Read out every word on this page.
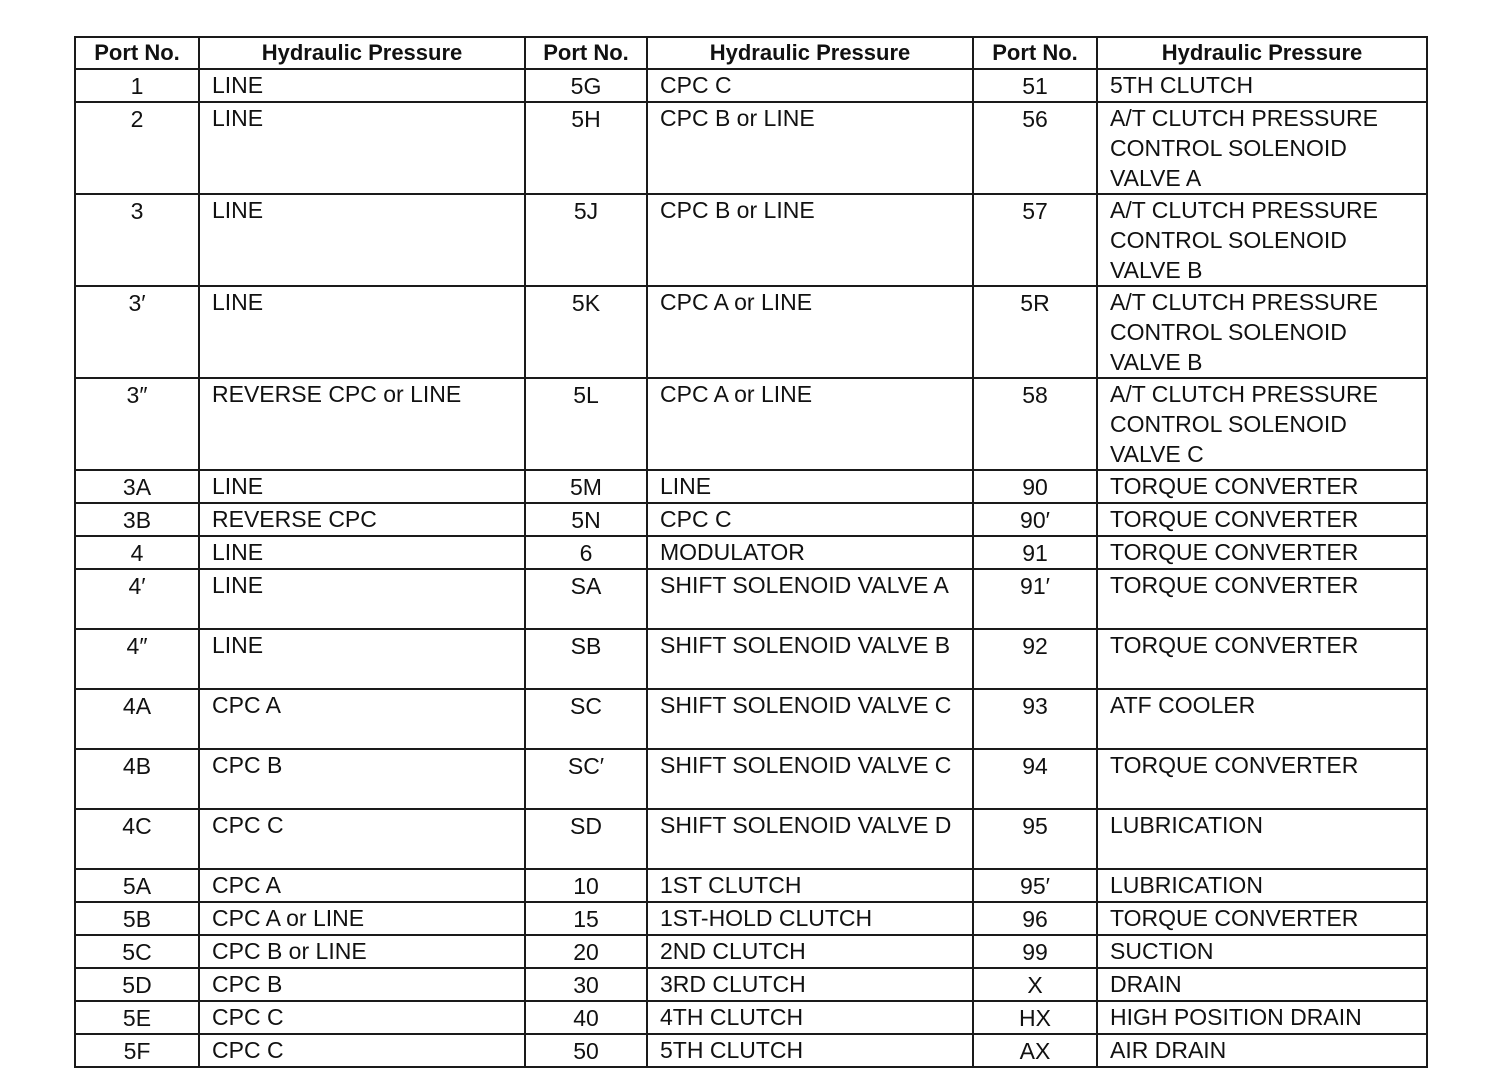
Port No.	Hydraulic Pressure	Port No.	Hydraulic Pressure	Port No.	Hydraulic Pressure
1	LINE	5G	CPC C	51	5TH CLUTCH
2	LINE	5H	CPC B or LINE	56	A/T CLUTCH PRESSURE CONTROL SOLENOID VALVE A
3	LINE	5J	CPC B or LINE	57	A/T CLUTCH PRESSURE CONTROL SOLENOID VALVE B
3′	LINE	5K	CPC A or LINE	5R	A/T CLUTCH PRESSURE CONTROL SOLENOID VALVE B
3″	REVERSE CPC or LINE	5L	CPC A or LINE	58	A/T CLUTCH PRESSURE CONTROL SOLENOID VALVE C
3A	LINE	5M	LINE	90	TORQUE CONVERTER
3B	REVERSE CPC	5N	CPC C	90′	TORQUE CONVERTER
4	LINE	6	MODULATOR	91	TORQUE CONVERTER
4′	LINE	SA	SHIFT SOLENOID VALVE A	91′	TORQUE CONVERTER
4″	LINE	SB	SHIFT SOLENOID VALVE B	92	TORQUE CONVERTER
4A	CPC A	SC	SHIFT SOLENOID VALVE C	93	ATF COOLER
4B	CPC B	SC′	SHIFT SOLENOID VALVE C	94	TORQUE CONVERTER
4C	CPC C	SD	SHIFT SOLENOID VALVE D	95	LUBRICATION
5A	CPC A	10	1ST CLUTCH	95′	LUBRICATION
5B	CPC A or LINE	15	1ST-HOLD CLUTCH	96	TORQUE CONVERTER
5C	CPC B or LINE	20	2ND CLUTCH	99	SUCTION
5D	CPC B	30	3RD CLUTCH	X	DRAIN
5E	CPC C	40	4TH CLUTCH	HX	HIGH POSITION DRAIN
5F	CPC C	50	5TH CLUTCH	AX	AIR DRAIN
